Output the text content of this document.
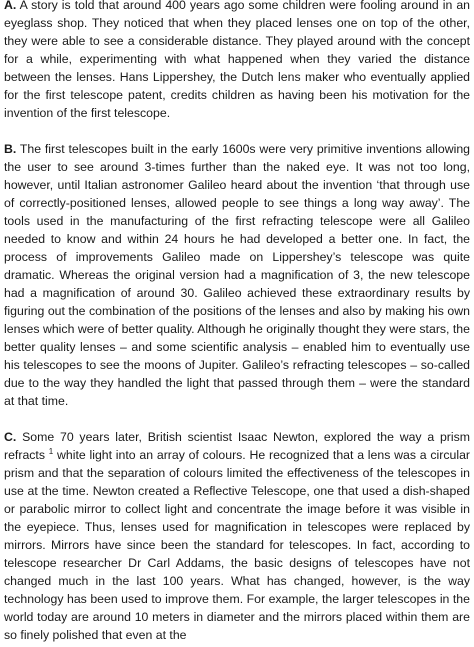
A. A story is told that around 400 years ago some children were fooling around in an eyeglass shop. They noticed that when they placed lenses one on top of the other, they were able to see a considerable distance. They played around with the concept for a while, experimenting with what happened when they varied the distance between the lenses. Hans Lippershey, the Dutch lens maker who eventually applied for the first telescope patent, credits children as having been his motivation for the invention of the first telescope.

B. The first telescopes built in the early 1600s were very primitive inventions allowing the user to see around 3-times further than the naked eye. It was not too long, however, until Italian astronomer Galileo heard about the invention ‘that through use of correctly-positioned lenses, allowed people to see things a long way away’. The tools used in the manufacturing of the first refracting telescope were all Galileo needed to know and within 24 hours he had developed a better one. In fact, the process of improvements Galileo made on Lippershey’s telescope was quite dramatic. Whereas the original version had a magnification of 3, the new telescope had a magnification of around 30. Galileo achieved these extraordinary results by figuring out the combination of the positions of the lenses and also by making his own lenses which were of better quality. Although he originally thought they were stars, the better quality lenses – and some scientific analysis – enabled him to eventually use his telescopes to see the moons of Jupiter. Galileo’s refracting telescopes – so-called due to the way they handled the light that passed through them – were the standard at that time.

C. Some 70 years later, British scientist Isaac Newton, explored the way a prism refracts $^1$ white light into an array of colours. He recognized that a lens was a circular prism and that the separation of colours limited the effectiveness of the telescopes in use at the time. Newton created a Reflective Telescope, one that used a dish-shaped or parabolic mirror to collect light and concentrate the image before it was visible in the eyepiece. Thus, lenses used for magnification in telescopes were replaced by mirrors. Mirrors have since been the standard for telescopes. In fact, according to telescope researcher Dr Carl Addams, the basic designs of telescopes have not changed much in the last 100 years. What has changed, however, is the way technology has been used to improve them. For example, the larger telescopes in the world today are around 10 meters in diameter and the mirrors placed within them are so finely polished that even at the
